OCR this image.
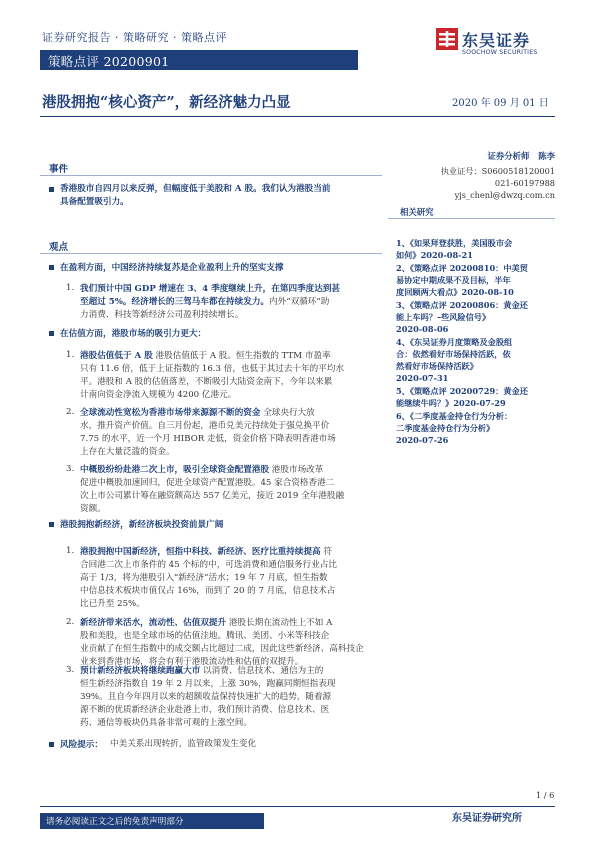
证券研究报告 · 策略研究 · 策略点评
策略点评 20200901
东吴证券
SOOCHOW SECURITIES
港股拥抱“核心资产”，新经济魅力凸显	2020 年 09 月 01 日
事件
香港股市自四月以来反弹，但幅度低于美股和 A 股。我们认为港股当前
具备配置吸引力。
观点
在盈利方面，中国经济持续复苏是企业盈利上升的坚实支撑
1. 我们预计中国 GDP 增速在 3、4 季度继续上升，在第四季度达到甚
至超过 5%。经济增长的三驾马车都在持续发力。内外“双循环”助
力消费、科技等新经济公司盈利持续增长。
在估值方面，港股市场的吸引力更大：
1. 港股估值低于 A 股 港股估值低于 A 股。恒生指数的 TTM 市盈率
只有 11.6 倍，低于上证指数的 16.3 倍，也低于其过去十年的平均水
平。港股和 A 股的估值落差，不断吸引大陆资金南下，今年以来累
计南向资金净流入规模为 4200 亿港元。
2. 全球流动性宽松为香港市场带来源源不断的资金 全球央行大放
水，推升资产价值。自三月份起，港币兑美元持续处于强兑换平价
7.75 的水平，近一个月 HIBOR 走低，资金价格下降表明香港市场
上存在大量泛滥的资金。
3. 中概股纷纷赴港二次上市，吸引全球资金配置港股 港股市场改革
促进中概股加速回归，促进全球资产配置港股。45 家合资格香港二
次上市公司累计筹在融资额高达 557 亿美元，接近 2019 全年港股融
资额。
港股拥抱新经济，新经济板块投资前景广阔
1. 港股拥抱中国新经济，恒指中科技、新经济、医疗比重持续提高 符
合回港二次上市条件的 45 个标的中，可选消费和通信服务行业占比
高于 1/3，将为港股引入“新经济”活水；19 年 7 月底，恒生指数
中信息技术板块市值仅占 16%，而到了 20 的 7 月底，信息技术占
比已升至 25%。
2. 新经济带来活水，流动性、估值双提升 港股长期在流动性上不如 A
股和美股，也是全球市场的估值洼地。腾讯、美团、小米等科技企
业贡献了在恒生指数中的成交额占比超过二成，因此这些新经济、高科技企
业来到香港市场，将会有利于港股流动性和估值的双提升。
3. 预计新经济板块将继续跑赢大市 以消费、信息技术、通信为主的
恒生新经济指数自 19 年 2 月以来，上涨 30%，跑赢同期恒指表现
39%。且自今年四月以来的超额收益保持快速扩大的趋势，随着源
源不断的优质新经济企业赴港上市，我们预计消费、信息技术、医
药、通信等板块仍具备非常可观的上涨空间。
风险提示： 中美关系出现转折，监管政策发生变化
证券分析师 陈李
执业证号：S0600518120001
021-60197988
yjs_chenl@dwzq.com.cn
相关研究
1、《如果拜登获胜，美国股市会
如何》2020-08-21
2、《策略点评 20200810：中美贸
易协定中期成果不及目标，半年
度回顾两大看点》2020-08-10
3、《策略点评 20200806：黄金还
能上车吗？–些风险信号》
2020-08-06
4、《东吴证券月度策略及金股组
合：依然看好市场保持活跃，依
然看好市场保持活跃》
2020-07-31
5、《策略点评 20200729：黄金还
能继续牛吗？》2020-07-29
6、《二季度基金持仓行为分析：
二季度基金持仓行为分析》
2020-07-26
1 / 6
请务必阅读正文之后的免责声明部分	东吴证券研究所
